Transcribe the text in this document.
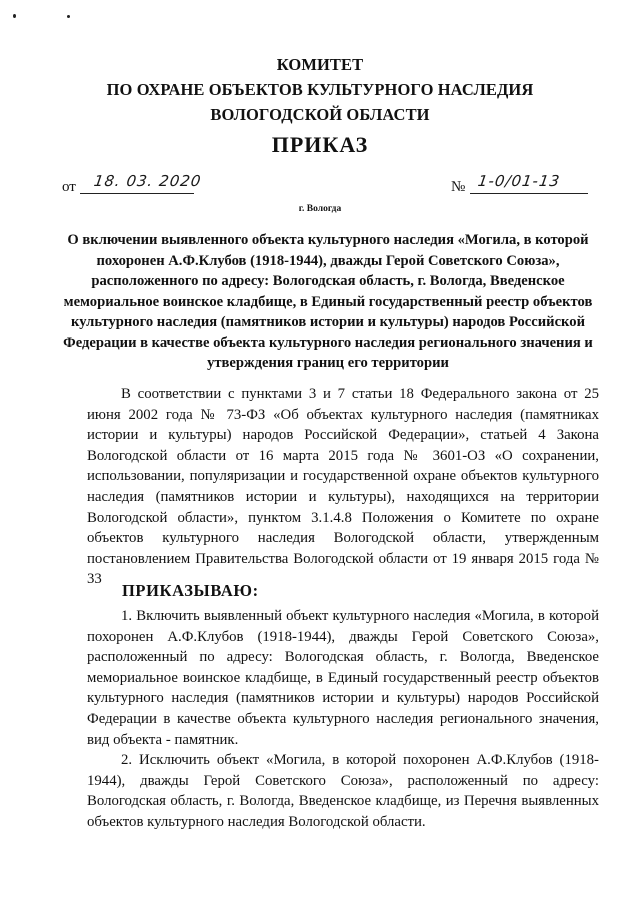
КОМИТЕТ
ПО ОХРАНЕ ОБЪЕКТОВ КУЛЬТУРНОГО НАСЛЕДИЯ
ВОЛОГОДСКОЙ ОБЛАСТИ
ПРИКАЗ
от 18. 03. 2020	№ 1-0/01-13
г. Вологда
О включении выявленного объекта культурного наследия «Могила, в которой похоронен А.Ф.Клубов (1918-1944), дважды Герой Советского Союза», расположенного по адресу: Вологодская область, г. Вологда, Введенское мемориальное воинское кладбище, в Единый государственный реестр объектов культурного наследия (памятников истории и культуры) народов Российской Федерации в качестве объекта культурного наследия регионального значения и утверждения границ его территории
В соответствии с пунктами 3 и 7 статьи 18 Федерального закона от 25 июня 2002 года № 73-ФЗ «Об объектах культурного наследия (памятниках истории и культуры) народов Российской Федерации», статьей 4 Закона Вологодской области от 16 марта 2015 года № 3601-ОЗ «О сохранении, использовании, популяризации и государственной охране объектов культурного наследия (памятников истории и культуры), находящихся на территории Вологодской области», пунктом 3.1.4.8 Положения о Комитете по охране объектов культурного наследия Вологодской области, утвержденным постановлением Правительства Вологодской области от 19 января 2015 года № 33
ПРИКАЗЫВАЮ:
1. Включить выявленный объект культурного наследия «Могила, в которой похоронен А.Ф.Клубов (1918-1944), дважды Герой Советского Союза», расположенный по адресу: Вологодская область, г. Вологда, Введенское мемориальное воинское кладбище, в Единый государственный реестр объектов культурного наследия (памятников истории и культуры) народов Российской Федерации в качестве объекта культурного наследия регионального значения, вид объекта - памятник.
2. Исключить объект «Могила, в которой похоронен А.Ф.Клубов (1918-1944), дважды Герой Советского Союза», расположенный по адресу: Вологодская область, г. Вологда, Введенское кладбище, из Перечня выявленных объектов культурного наследия Вологодской области.
